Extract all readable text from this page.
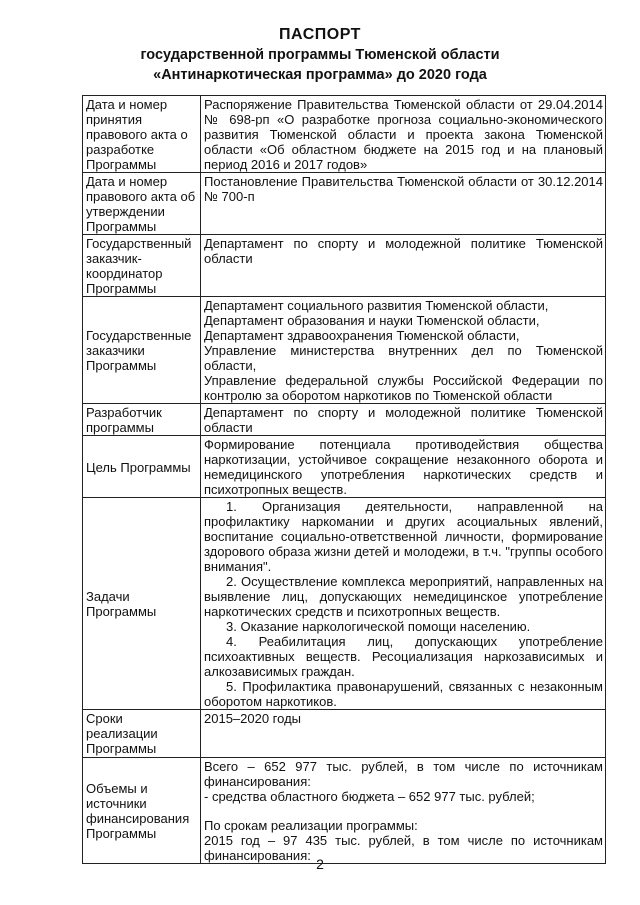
ПАСПОРТ

государственной программы Тюменской области

«Антинаркотическая программа» до 2020 года

Дата и номер принятия правового акта о разработке Программы	Распоряжение Правительства Тюменской области от 29.04.2014 № 698-рп «О разработке прогноза социально-экономического развития Тюменской области и проекта закона Тюменской области «Об областном бюджете на 2015 год и на плановый период 2016 и 2017 годов»
Дата и номер правового акта об утверждении Программы	Постановление Правительства Тюменской области от 30.12.2014 № 700-п
Государственный заказчик-координатор Программы	Департамент по спорту и молодежной политике Тюменской области
Государственные заказчики Программы	Департамент социального развития Тюменской области,
Департамент образования и науки Тюменской области,
Департамент здравоохранения Тюменской области,
Управление министерства внутренних дел по Тюменской области,
Управление федеральной службы Российской Федерации по контролю за оборотом наркотиков по Тюменской области

Разработчик программы	Департамент по спорту и молодежной политике Тюменской области
Цель Программы	Формирование потенциала противодействия общества наркотизации, устойчивое сокращение незаконного оборота и немедицинского употребления наркотических средств и психотропных веществ.
Задачи Программы	1. Организация деятельности, направленной на профилактику наркомании и других асоциальных явлений, воспитание социально-ответственной личности, формирование здорового образа жизни детей и молодежи, в т.ч. "группы особого внимания".
2. Осуществление комплекса мероприятий, направленных на выявление лиц, допускающих немедицинское употребление наркотических средств и психотропных веществ.
3. Оказание наркологической помощи населению.
4. Реабилитация лиц, допускающих употребление психоактивных веществ. Ресоциализация наркозависимых и алкозависимых граждан.
5. Профилактика правонарушений, связанных с незаконным оборотом наркотиков.

Сроки реализации Программы	2015–2020 годы
Объемы и источники финансирования Программы	Всего – 652 977 тыс. рублей, в том числе по источникам финансирования:
- средства областного бюджета – 652 977 тыс. рублей;
По срокам реализации программы:
2015 год – 97 435 тыс. рублей, в том числе по источникам финансирования:
2
